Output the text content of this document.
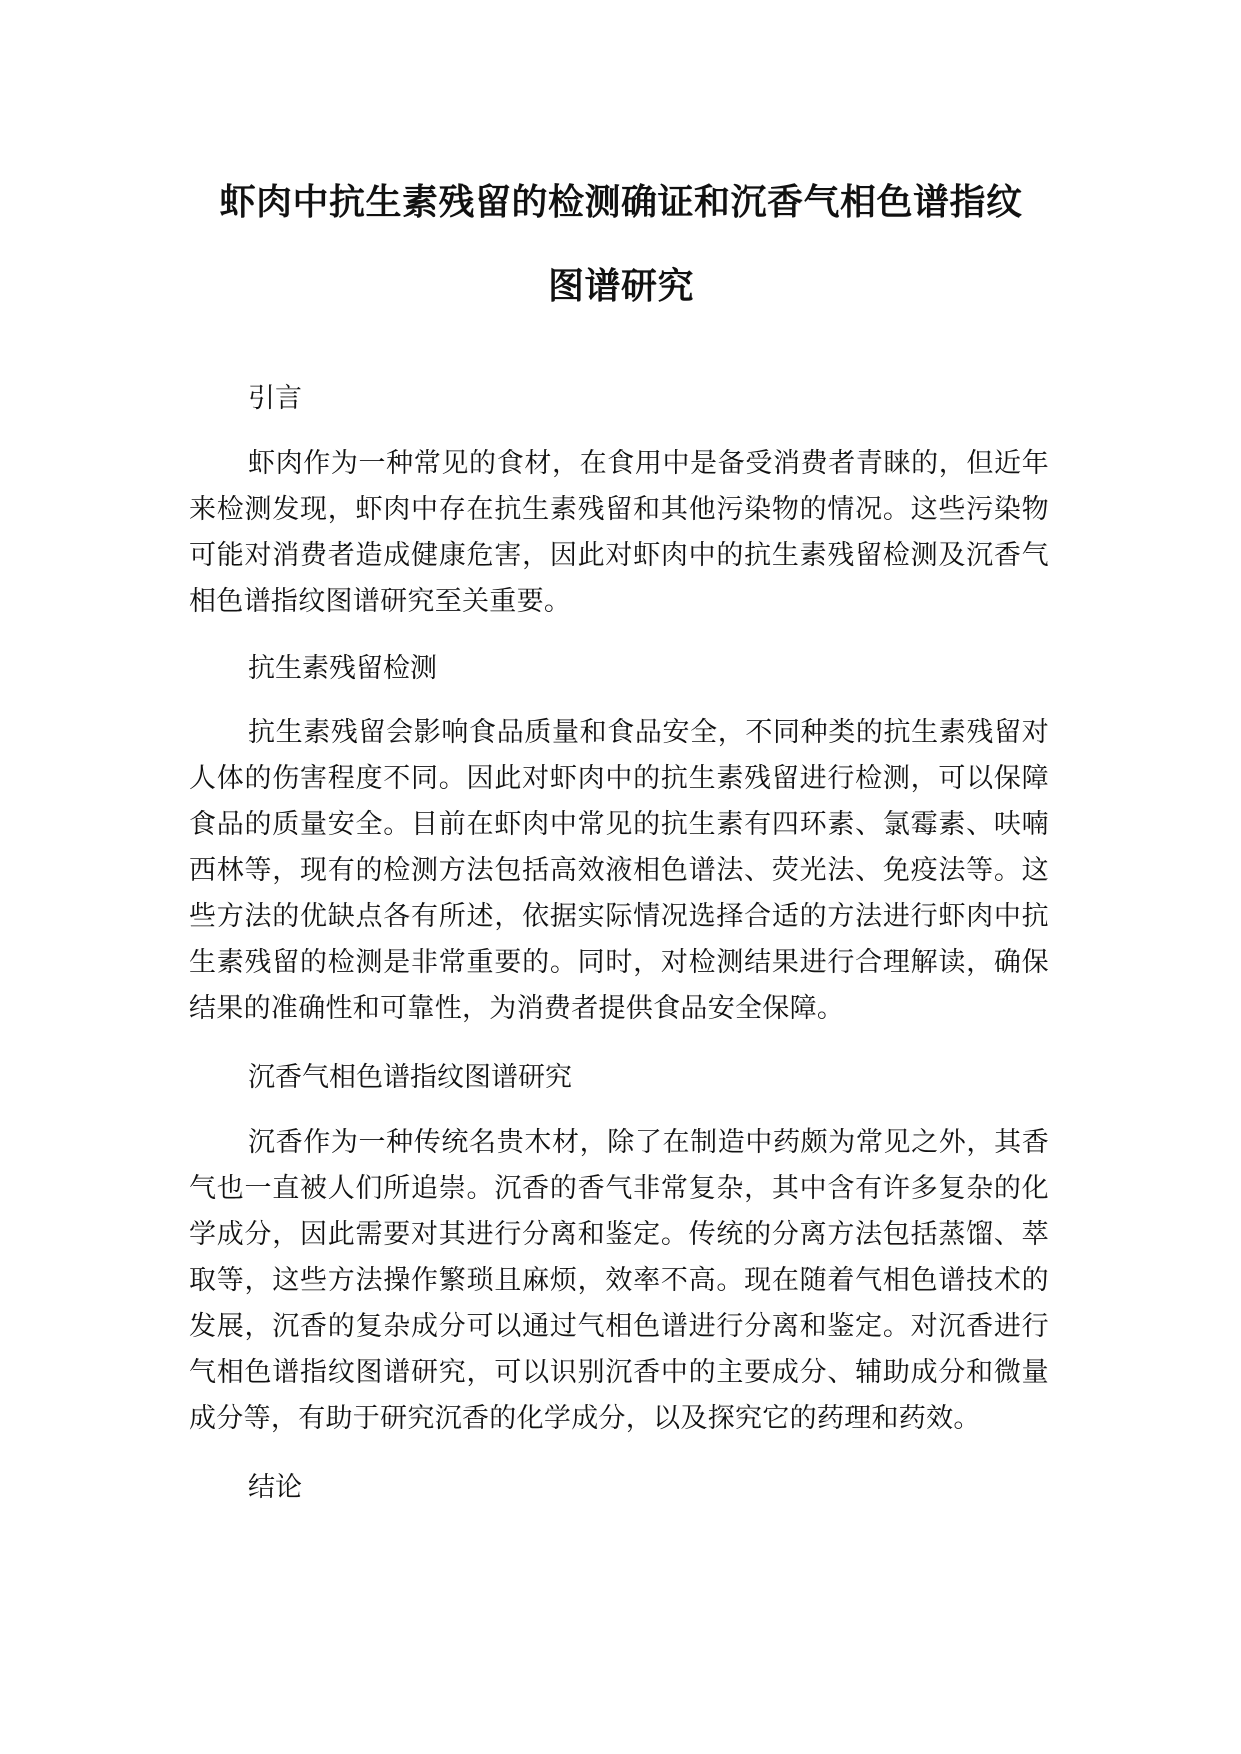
虾肉中抗生素残留的检测确证和沉香气相色谱指纹
图谱研究
引言

虾肉作为一种常见的食材，在食用中是备受消费者青睐的，但近年来检测发现，虾肉中存在抗生素残留和其他污染物的情况。这些污染物可能对消费者造成健康危害，因此对虾肉中的抗生素残留检测及沉香气相色谱指纹图谱研究至关重要。

抗生素残留检测

抗生素残留会影响食品质量和食品安全，不同种类的抗生素残留对人体的伤害程度不同。因此对虾肉中的抗生素残留进行检测，可以保障食品的质量安全。目前在虾肉中常见的抗生素有四环素、氯霉素、呋喃西林等，现有的检测方法包括高效液相色谱法、荧光法、免疫法等。这些方法的优缺点各有所述，依据实际情况选择合适的方法进行虾肉中抗生素残留的检测是非常重要的。同时，对检测结果进行合理解读，确保结果的准确性和可靠性，为消费者提供食品安全保障。

沉香气相色谱指纹图谱研究

沉香作为一种传统名贵木材，除了在制造中药颇为常见之外，其香气也一直被人们所追崇。沉香的香气非常复杂，其中含有许多复杂的化学成分，因此需要对其进行分离和鉴定。传统的分离方法包括蒸馏、萃取等，这些方法操作繁琐且麻烦，效率不高。现在随着气相色谱技术的发展，沉香的复杂成分可以通过气相色谱进行分离和鉴定。对沉香进行气相色谱指纹图谱研究，可以识别沉香中的主要成分、辅助成分和微量成分等，有助于研究沉香的化学成分，以及探究它的药理和药效。

结论
